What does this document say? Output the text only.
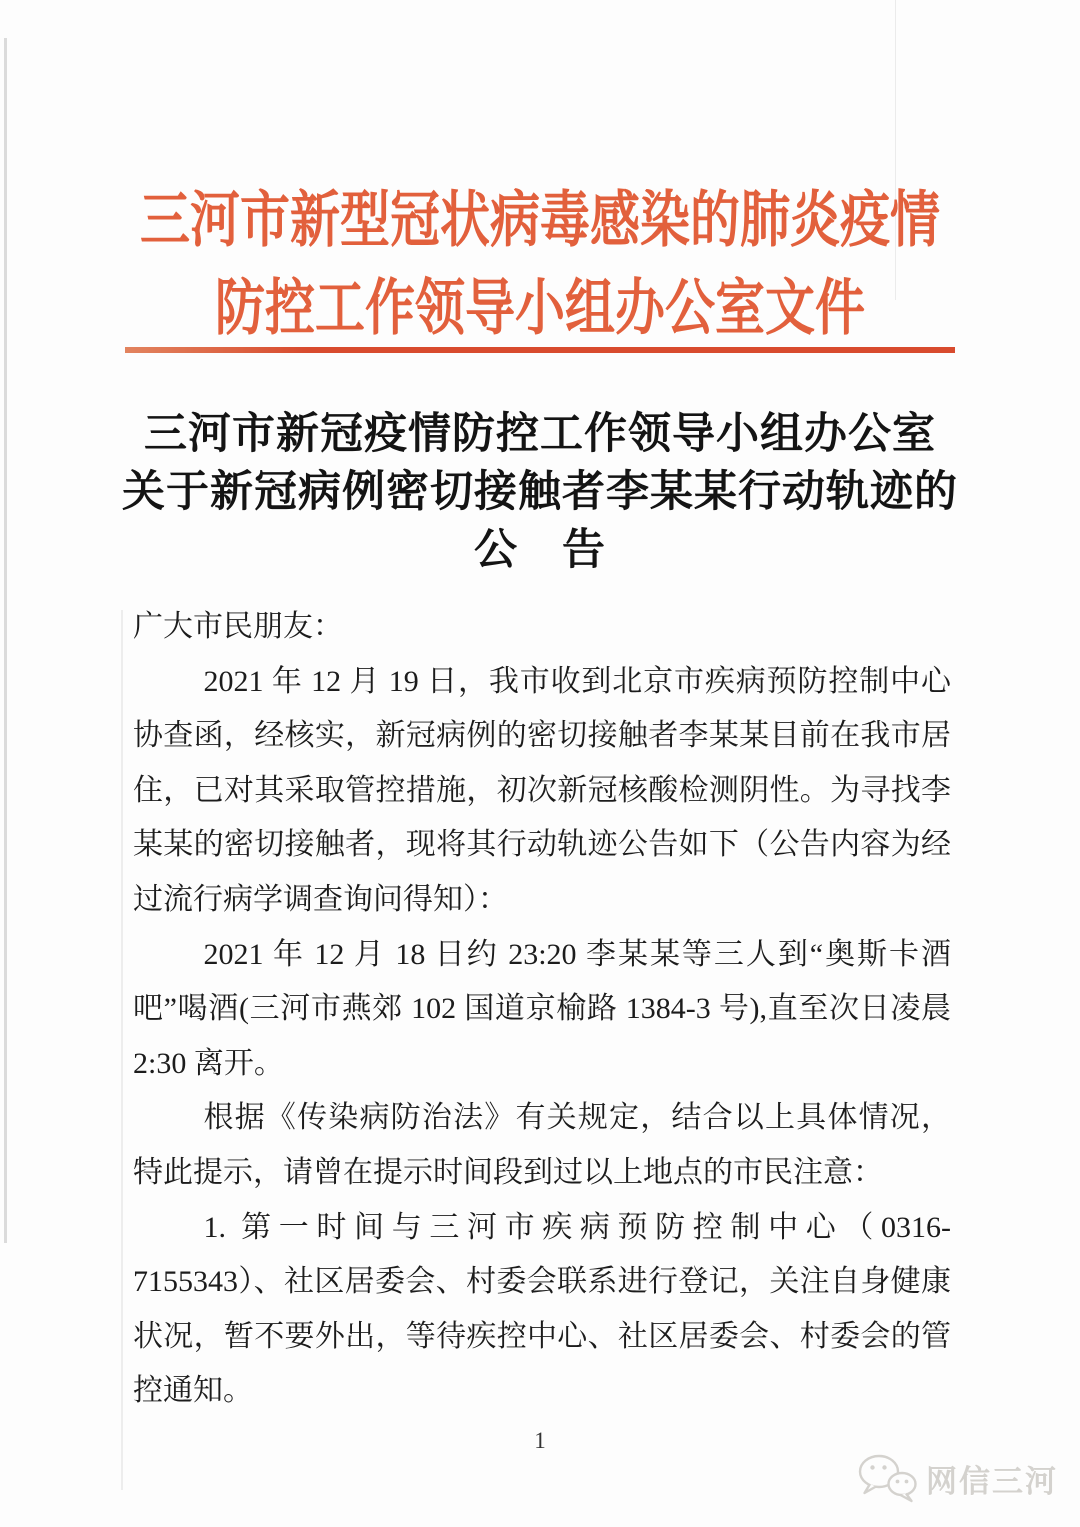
三河市新型冠状病毒感染的肺炎疫情
防控工作领导小组办公室文件
三河市新冠疫情防控工作领导小组办公室
关于新冠病例密切接触者李某某行动轨迹的
公　告

广大市民朋友：

2021 年 12 月 19 日，我市收到北京市疾病预防控制中心协查函，经核实，新冠病例的密切接触者李某某目前在我市居住，已对其采取管控措施，初次新冠核酸检测阴性。为寻找李某某的密切接触者，现将其行动轨迹公告如下（公告内容为经过流行病学调查询问得知）：

2021 年 12 月 18 日约 23:20 李某某等三人到“奥斯卡酒吧”喝酒(三河市燕郊 102 国道京榆路 1384-3 号),直至次日凌晨 2:30 离开。

根据《传染病防治法》有关规定，结合以上具体情况，特此提示，请曾在提示时间段到过以上地点的市民注意：

1. 第一时间与三河市疾病预防控制中心（0316-7155343）、社区居委会、村委会联系进行登记，关注自身健康状况，暂不要外出，等待疾控中心、社区居委会、村委会的管控通知。

1
网信三河
